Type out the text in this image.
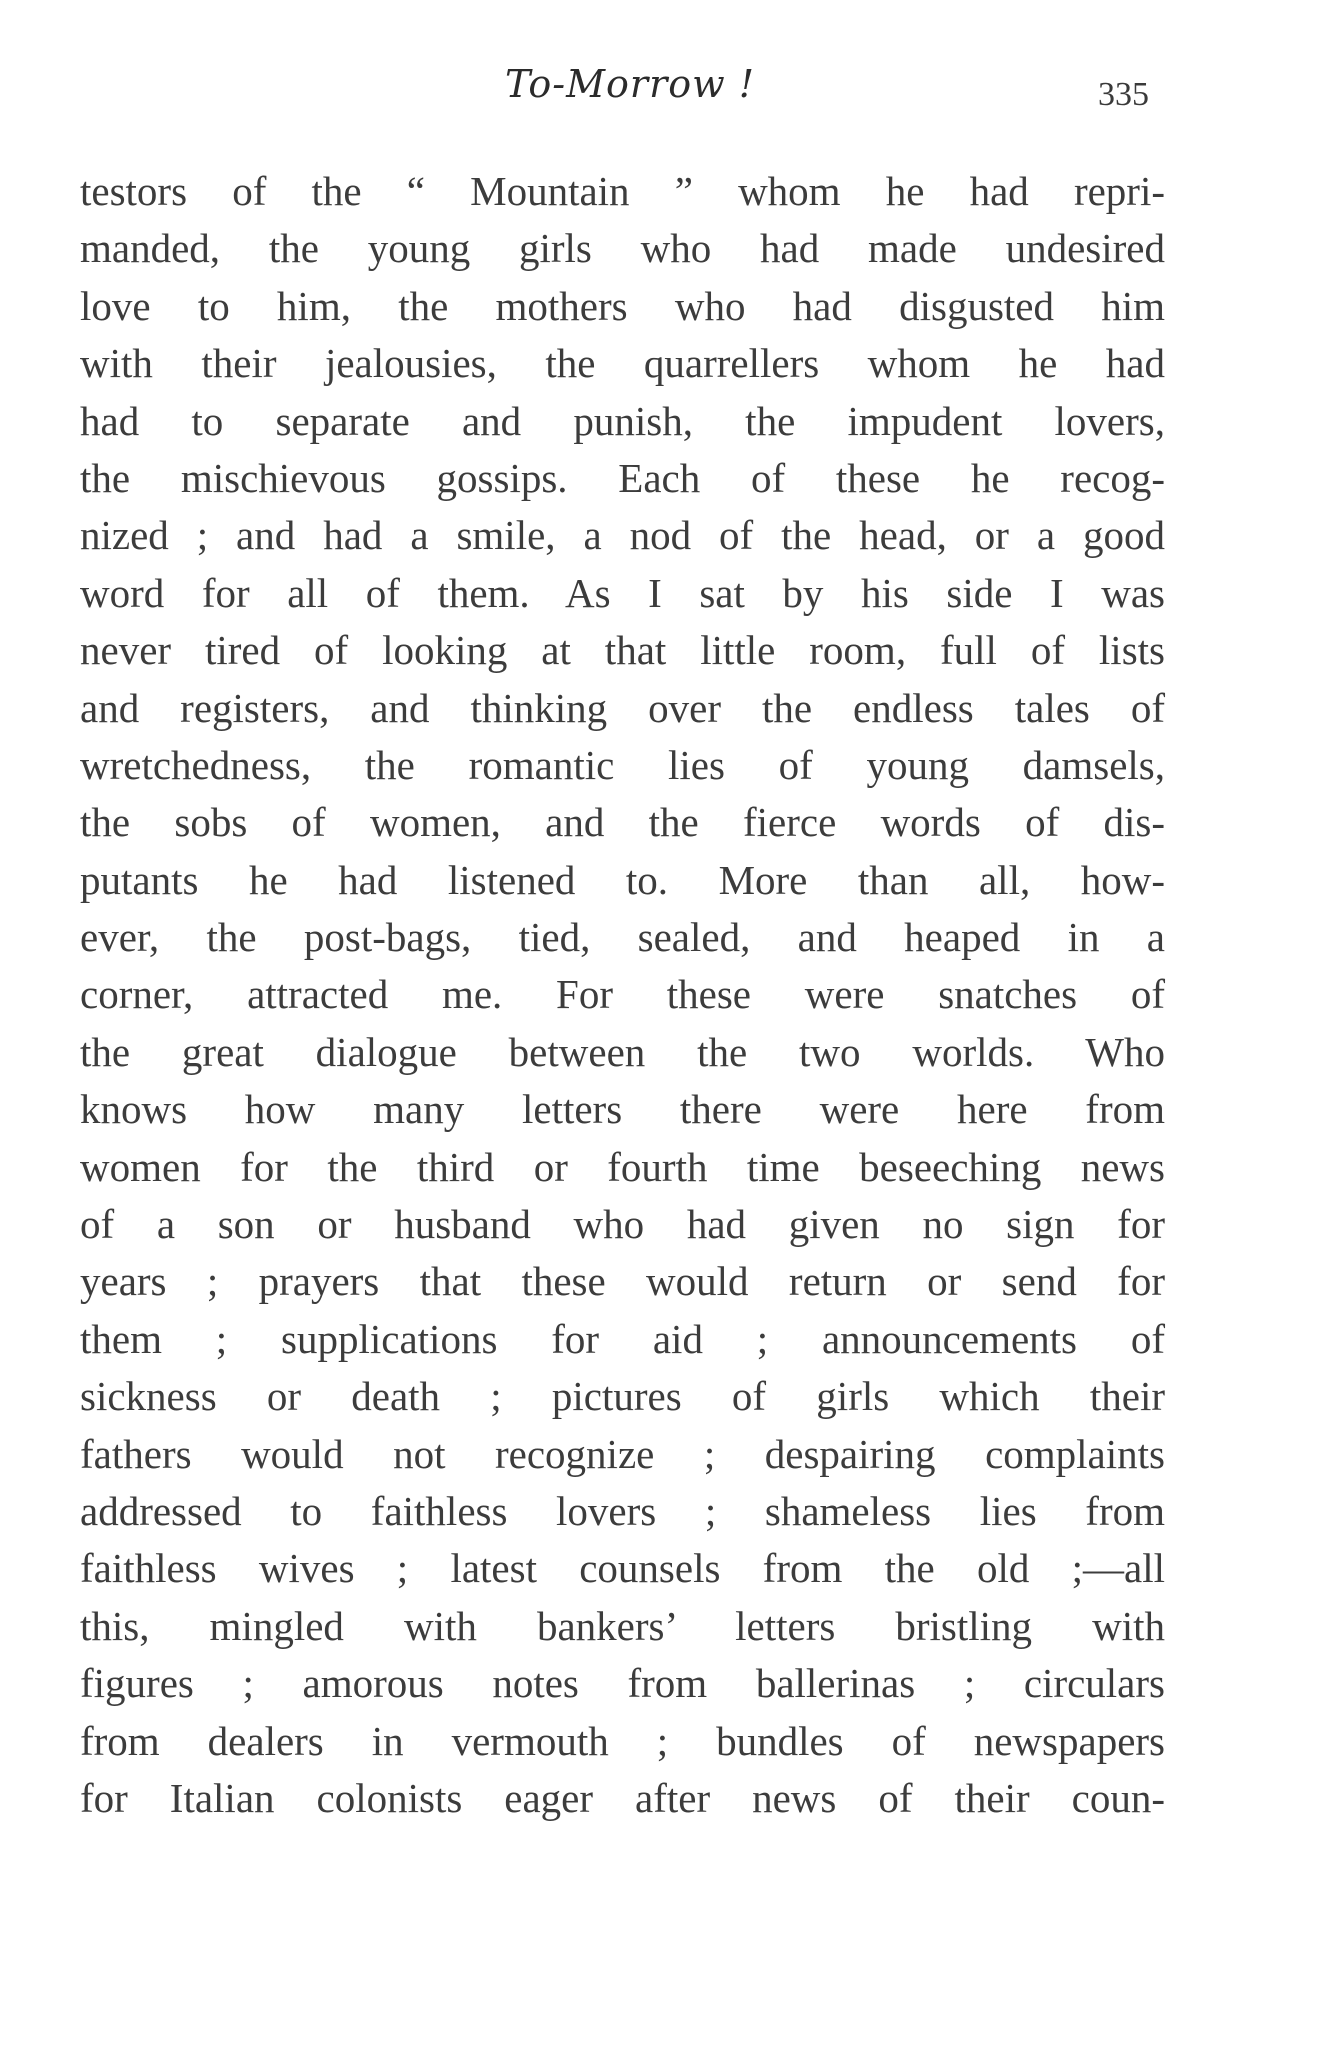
To-Morrow !	335
testors of the “ Mountain ” whom he had repri-
manded, the young girls who had made undesired
love to him, the mothers who had disgusted him
with their jealousies, the quarrellers whom he had
had to separate and punish, the impudent lovers,
the mischievous gossips. Each of these he recog-
nized ; and had a smile, a nod of the head, or a good
word for all of them. As I sat by his side I was
never tired of looking at that little room, full of lists
and registers, and thinking over the endless tales of
wretchedness, the romantic lies of young damsels,
the sobs of women, and the fierce words of dis-
putants he had listened to. More than all, how-
ever, the post-bags, tied, sealed, and heaped in a
corner, attracted me. For these were snatches of
the great dialogue between the two worlds. Who
knows how many letters there were here from
women for the third or fourth time beseeching news
of a son or husband who had given no sign for
years ; prayers that these would return or send for
them ; supplications for aid ; announcements of
sickness or death ; pictures of girls which their
fathers would not recognize ; despairing complaints
addressed to faithless lovers ; shameless lies from
faithless wives ; latest counsels from the old ;—all
this, mingled with bankers’ letters bristling with
figures ; amorous notes from ballerinas ; circulars
from dealers in vermouth ; bundles of newspapers
for Italian colonists eager after news of their coun-
